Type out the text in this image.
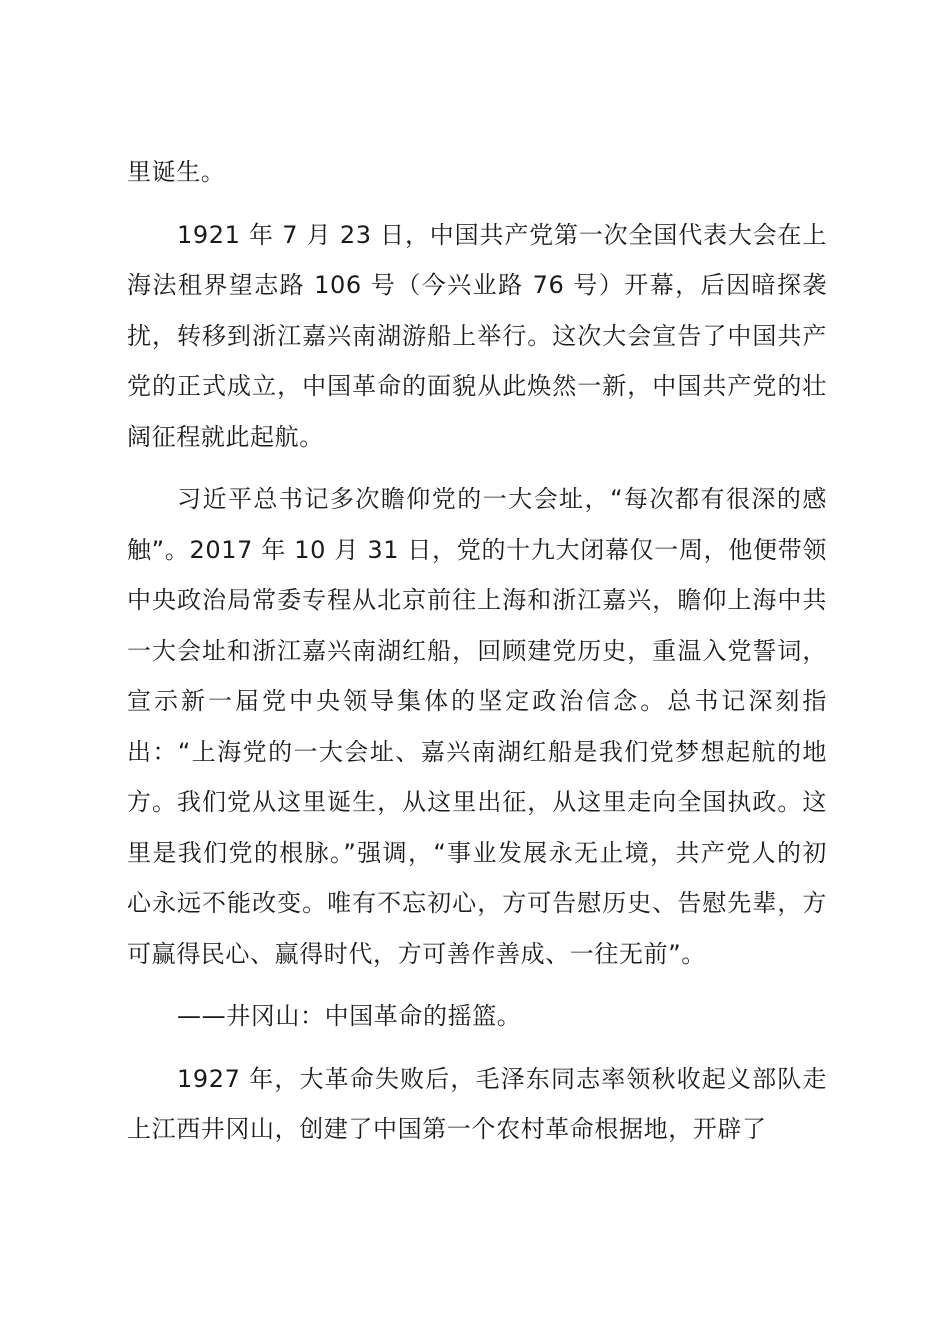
里诞生。

1921 年 7 月 23 日，中国共产党第一次全国代表大会在上海法租界望志路 106 号（今兴业路 76 号）开幕，后因暗探袭扰，转移到浙江嘉兴南湖游船上举行。这次大会宣告了中国共产党的正式成立，中国革命的面貌从此焕然一新，中国共产党的壮阔征程就此起航。

习近平总书记多次瞻仰党的一大会址，“每次都有很深的感触”。2017 年 10 月 31 日，党的十九大闭幕仅一周，他便带领中央政治局常委专程从北京前往上海和浙江嘉兴，瞻仰上海中共一大会址和浙江嘉兴南湖红船，回顾建党历史，重温入党誓词，宣示新一届党中央领导集体的坚定政治信念。总书记深刻指出：“上海党的一大会址、嘉兴南湖红船是我们党梦想起航的地方。我们党从这里诞生，从这里出征，从这里走向全国执政。这里是我们党的根脉。”强调，“事业发展永无止境，共产党人的初心永远不能改变。唯有不忘初心，方可告慰历史、告慰先辈，方可赢得民心、赢得时代，方可善作善成、一往无前”。

——井冈山：中国革命的摇篮。

1927 年，大革命失败后，毛泽东同志率领秋收起义部队走上江西井冈山，创建了中国第一个农村革命根据地，开辟了
